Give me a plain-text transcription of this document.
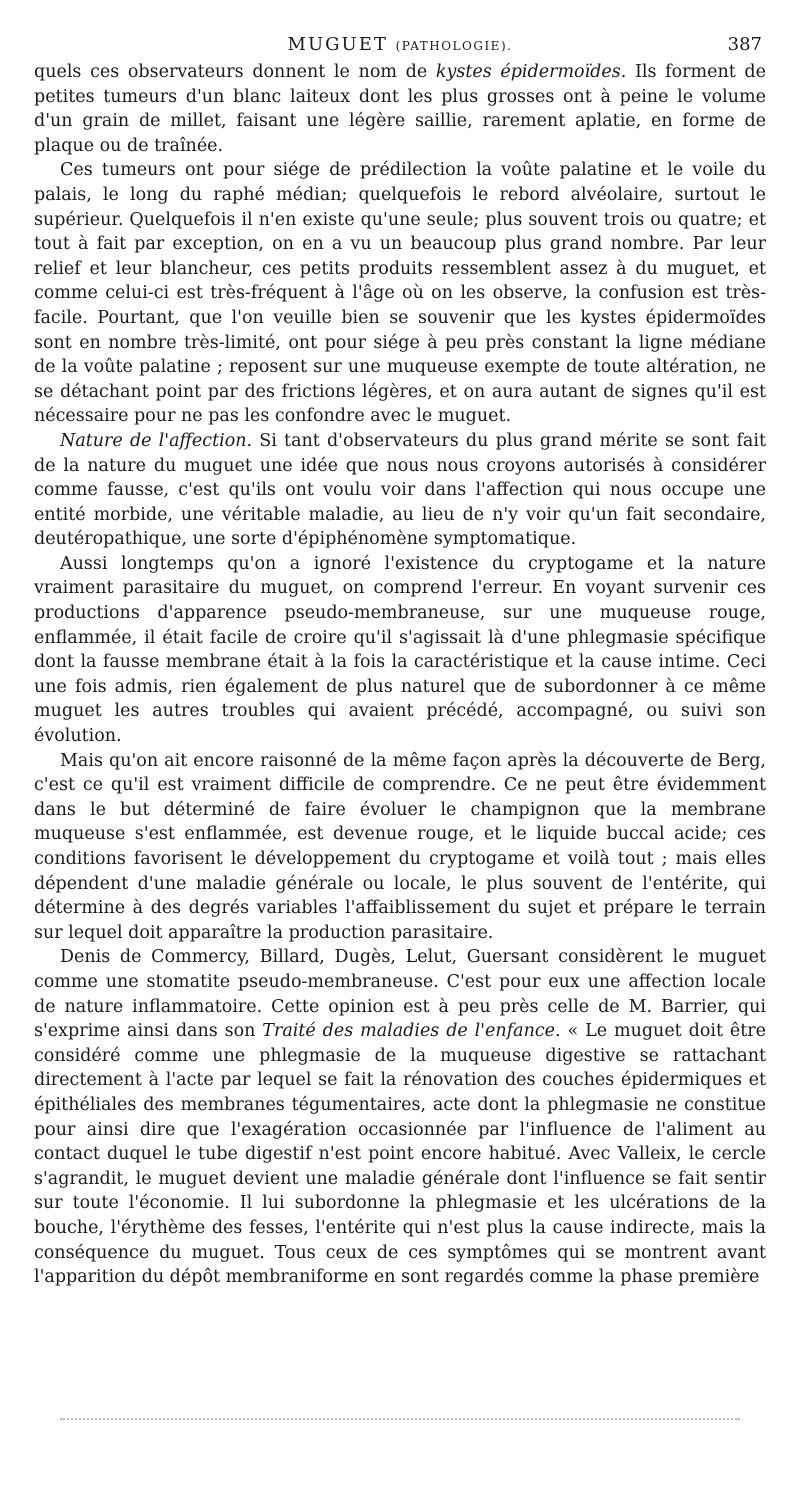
MUGUET (PATHOLOGIE).	387

quels ces observateurs donnent le nom de kystes épidermoïdes. Ils forment de petites tumeurs d'un blanc laiteux dont les plus grosses ont à peine le volume d'un grain de millet, faisant une légère saillie, rarement aplatie, en forme de plaque ou de traînée.

Ces tumeurs ont pour siége de prédilection la voûte palatine et le voile du palais, le long du raphé médian; quelquefois le rebord alvéolaire, surtout le supérieur. Quelquefois il n'en existe qu'une seule; plus souvent trois ou quatre; et tout à fait par exception, on en a vu un beaucoup plus grand nombre. Par leur relief et leur blancheur, ces petits produits ressemblent assez à du muguet, et comme celui-ci est très-fréquent à l'âge où on les observe, la confusion est très-facile. Pourtant, que l'on veuille bien se souvenir que les kystes épidermoïdes sont en nombre très-limité, ont pour siége à peu près constant la ligne médiane de la voûte palatine ; reposent sur une muqueuse exempte de toute altération, ne se détachant point par des frictions légères, et on aura autant de signes qu'il est nécessaire pour ne pas les confondre avec le muguet.

Nature de l'affection. Si tant d'observateurs du plus grand mérite se sont fait de la nature du muguet une idée que nous nous croyons autorisés à considérer comme fausse, c'est qu'ils ont voulu voir dans l'affection qui nous occupe une entité morbide, une véritable maladie, au lieu de n'y voir qu'un fait secondaire, deutéropathique, une sorte d'épiphénomène symptomatique.

Aussi longtemps qu'on a ignoré l'existence du cryptogame et la nature vraiment parasitaire du muguet, on comprend l'erreur. En voyant survenir ces productions d'apparence pseudo-membraneuse, sur une muqueuse rouge, enflammée, il était facile de croire qu'il s'agissait là d'une phlegmasie spécifique dont la fausse membrane était à la fois la caractéristique et la cause intime. Ceci une fois admis, rien également de plus naturel que de subordonner à ce même muguet les autres troubles qui avaient précédé, accompagné, ou suivi son évolution.

Mais qu'on ait encore raisonné de la même façon après la découverte de Berg, c'est ce qu'il est vraiment difficile de comprendre. Ce ne peut être évidemment dans le but déterminé de faire évoluer le champignon que la membrane muqueuse s'est enflammée, est devenue rouge, et le liquide buccal acide; ces conditions favorisent le développement du cryptogame et voilà tout ; mais elles dépendent d'une maladie générale ou locale, le plus souvent de l'entérite, qui détermine à des degrés variables l'affaiblissement du sujet et prépare le terrain sur lequel doit apparaître la production parasitaire.

Denis de Commercy, Billard, Dugès, Lelut, Guersant considèrent le muguet comme une stomatite pseudo-membraneuse. C'est pour eux une affection locale de nature inflammatoire. Cette opinion est à peu près celle de M. Barrier, qui s'exprime ainsi dans son Traité des maladies de l'enfance. « Le muguet doit être considéré comme une phlegmasie de la muqueuse digestive se rattachant directement à l'acte par lequel se fait la rénovation des couches épidermiques et épithéliales des membranes tégumentaires, acte dont la phlegmasie ne constitue pour ainsi dire que l'exagération occasionnée par l'influence de l'aliment au contact duquel le tube digestif n'est point encore habitué. Avec Valleix, le cercle s'agrandit, le muguet devient une maladie générale dont l'influence se fait sentir sur toute l'économie. Il lui subordonne la phlegmasie et les ulcérations de la bouche, l'érythème des fesses, l'entérite qui n'est plus la cause indirecte, mais la conséquence du muguet. Tous ceux de ces symptômes qui se montrent avant l'apparition du dépôt membraniforme en sont regardés comme la phase première
